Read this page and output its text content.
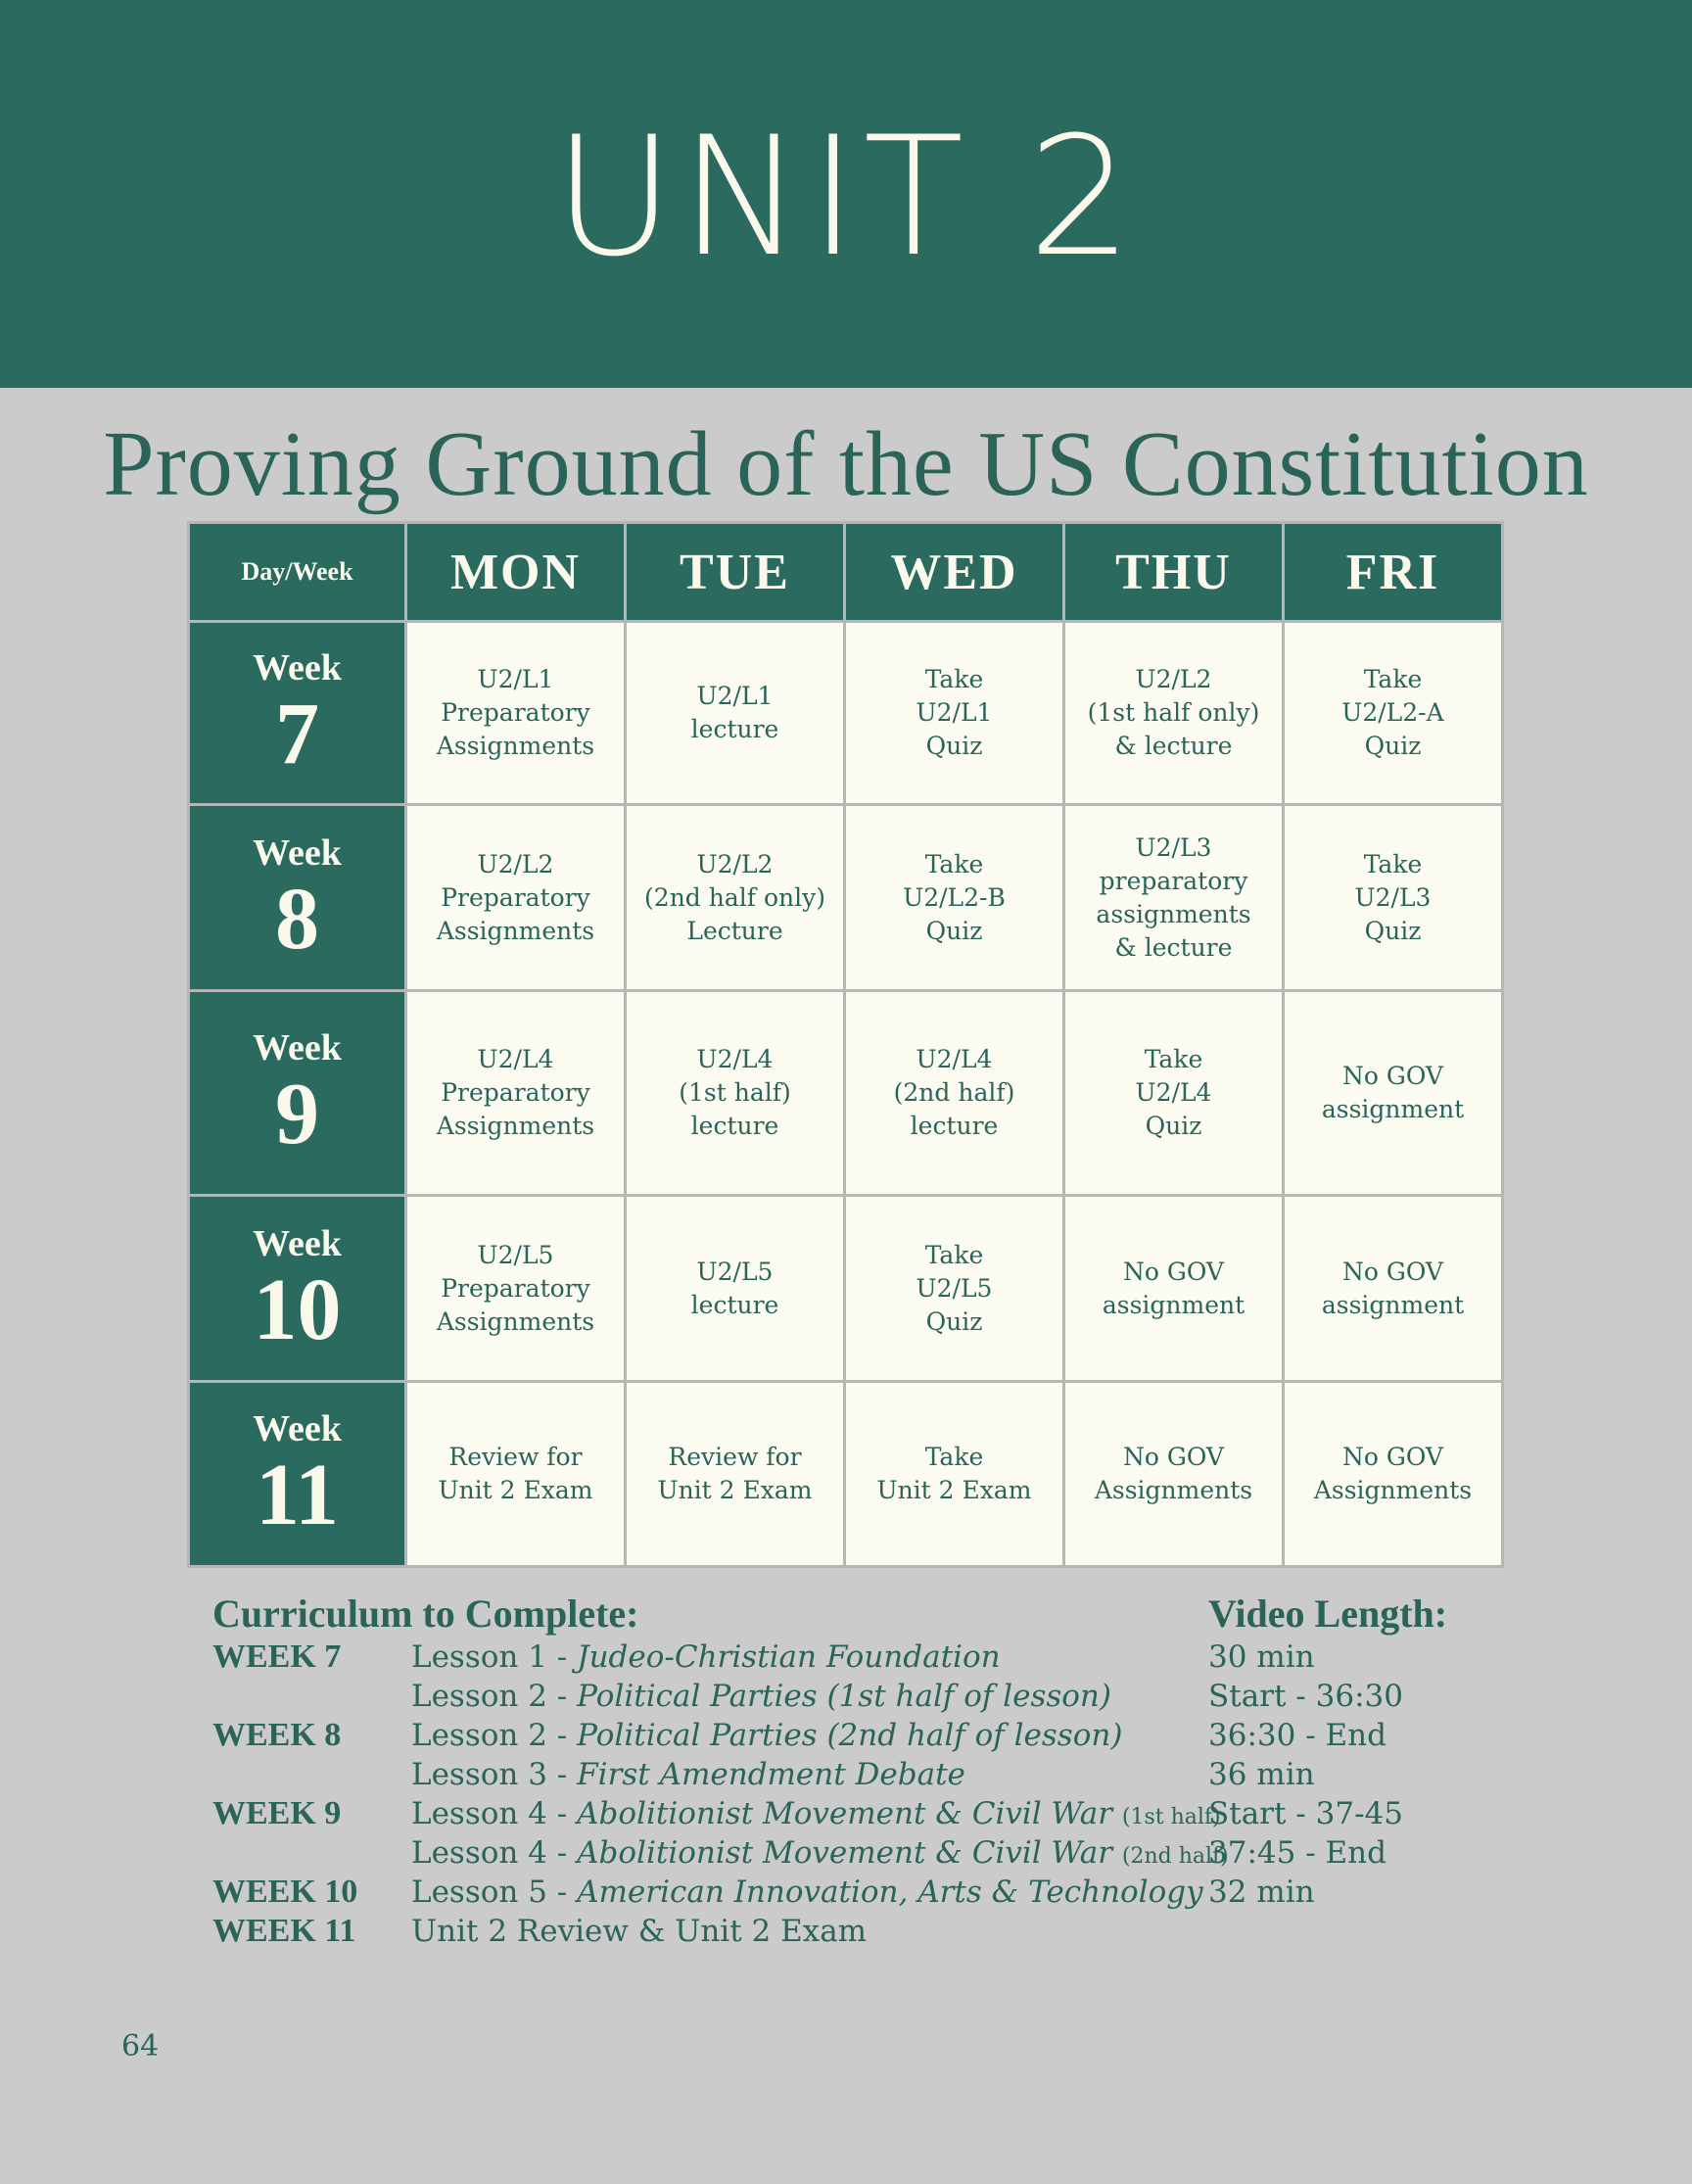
UNIT 2
Proving Ground of the US Constitution
Day/Week	MON	TUE	WED	THU	FRI

Week
7	U2/L1
Preparatory
Assignments	U2/L1
lecture	Take
U2/L1
Quiz	U2/L2
(1st half only)
& lecture	Take
U2/L2-A
Quiz

Week
8	U2/L2
Preparatory
Assignments	U2/L2
(2nd half only)
Lecture	Take
U2/L2-B
Quiz	U2/L3
preparatory
assignments
& lecture	Take
U2/L3
Quiz

Week
9	U2/L4
Preparatory
Assignments	U2/L4
(1st half)
lecture	U2/L4
(2nd half)
lecture	Take
U2/L4
Quiz	No GOV
assignment

Week
10	U2/L5
Preparatory
Assignments	U2/L5
lecture	Take
U2/L5
Quiz	No GOV
assignment	No GOV
assignment

Week
11	Review for
Unit 2 Exam	Review for
Unit 2 Exam	Take
Unit 2 Exam	No GOV
Assignments	No GOV
Assignments
Curriculum to Complete:	Video Length:
WEEK 7	Lesson 1 - Judeo-Christian Foundation	30 min
Lesson 2 - Political Parties (1st half of lesson)	Start - 36:30
WEEK 8	Lesson 2 - Political Parties (2nd half of lesson)	36:30 - End
Lesson 3 - First Amendment Debate	36 min
WEEK 9	Lesson 4 - Abolitionist Movement & Civil War (1st half)
Start - 37-45
Lesson 4 - Abolitionist Movement & Civil War (2nd half)
37:45 - End
WEEK 10	Lesson 5 - American Innovation, Arts & Technology 32 min
WEEK 11	Unit 2 Review & Unit 2 Exam
64
